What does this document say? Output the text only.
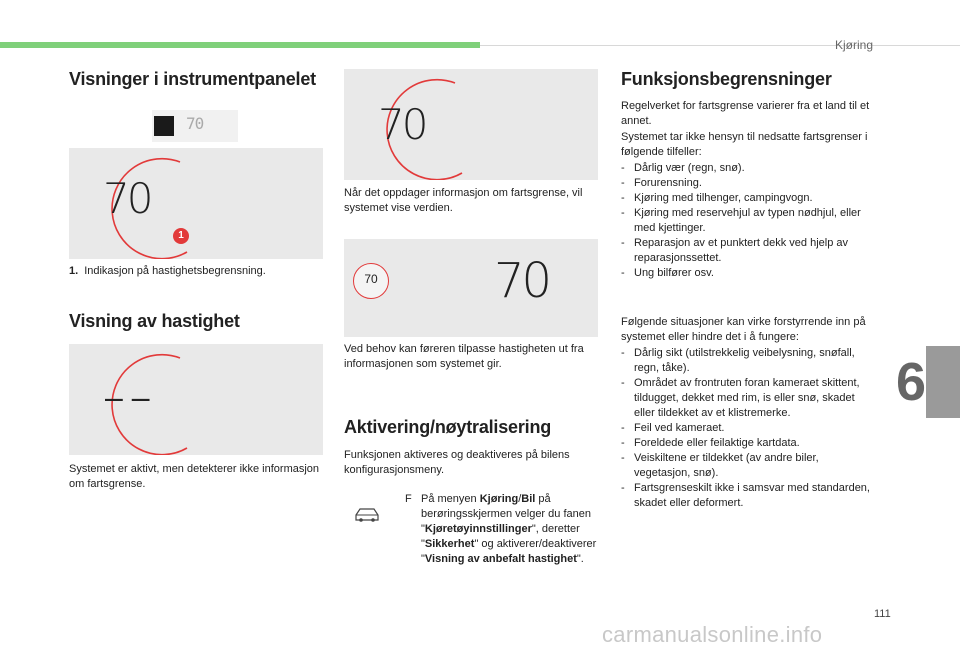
Kjøring
6
Visninger i instrumentpanelet
70
70
1
1. Indikasjon på hastighetsbegrensning.
Visning av hastighet
– –
Systemet er aktivt, men detekterer ikke informasjon om fartsgrense.
70
Når det oppdager informasjon om fartsgrense, vil systemet vise verdien.
70 70
Ved behov kan føreren tilpasse hastigheten ut fra informasjonen som systemet gir.
Aktivering/nøytralisering
Funksjonen aktiveres og deaktiveres på bilens konfigurasjonsmeny.
F På menyen Kjøring/Bil på berøringsskjermen velger du fanen "Kjøretøyinnstillinger", deretter "Sikkerhet" og aktiverer/deaktiverer "Visning av anbefalt hastighet".
Funksjonsbegrensninger
Regelverket for fartsgrense varierer fra et land til et annet.
Systemet tar ikke hensyn til nedsatte fartsgrenser i følgende tilfeller:
- Dårlig vær (regn, snø).
- Forurensning.
- Kjøring med tilhenger, campingvogn.
- Kjøring med reservehjul av typen nødhjul, eller med kjettinger.
- Reparasjon av et punktert dekk ved hjelp av reparasjonssettet.
- Ung bilfører osv.
Følgende situasjoner kan virke forstyrrende inn på systemet eller hindre det i å fungere:
- Dårlig sikt (utilstrekkelig veibelysning, snøfall, regn, tåke).
- Området av frontruten foran kameraet skittent, tildugget, dekket med rim, is eller snø, skadet eller tildekket av et klistremerke.
- Feil ved kameraet.
- Foreldede eller feilaktige kartdata.
- Veiskiltene er tildekket (av andre biler, vegetasjon, snø).
- Fartsgrenseskilt ikke i samsvar med standarden, skadet eller deformert.
111
carmanualsonline.info
